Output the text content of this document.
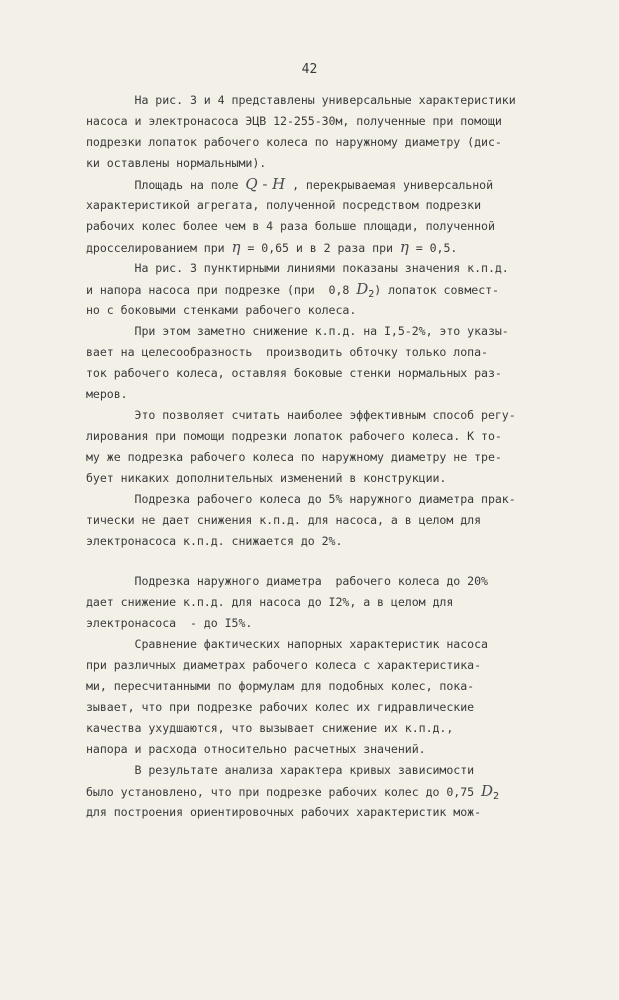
42
На рис. 3 и 4 представлены универсальные характеристики
насоса и электронасоса ЭЦВ 12-255-30м, полученные при помощи
подрезки лопаток рабочего колеса по наружному диаметру (дис-
ки оставлены нормальными).
Площадь на поле Q - H , перекрываемая универсальной
характеристикой агрегата, полученной посредством подрезки
рабочих колес более чем в 4 раза больше площади, полученной
дросселированием при η = 0,65 и в 2 раза при η = 0,5.
На рис. 3 пунктирными линиями показаны значения к.п.д.
и напора насоса при подрезке (при  0,8 D2) лопаток совмест-
но с боковыми стенками рабочего колеса.
При этом заметно снижение к.п.д. на I,5-2%, это указы-
вает на целесообразность  производить обточку только лопа-
ток рабочего колеса, оставляя боковые стенки нормальных раз-
меров.
Это позволяет считать наиболее эффективным способ регу-
лирования при помощи подрезки лопаток рабочего колеса. К то-
му же подрезка рабочего колеса по наружному диаметру не тре-
бует никаких дополнительных изменений в конструкции.
Подрезка рабочего колеса до 5% наружного диаметра прак-
тически не дает снижения к.п.д. для насоса, а в целом для
электронасоса к.п.д. снижается до 2%.
Подрезка наружного диаметра  рабочего колеса до 20%
дает снижение к.п.д. для насоса до I2%, а в целом для
электронасоса  - до I5%.
Сравнение фактических напорных характеристик насоса
при различных диаметрах рабочего колеса с характеристика-
ми, пересчитанными по формулам для подобных колес, пока-
зывает, что при подрезке рабочих колес их гидравлические
качества ухудшаются, что вызывает снижение их к.п.д.,
напора и расхода относительно расчетных значений.
В результате анализа характера кривых зависимости
было установлено, что при подрезке рабочих колес до 0,75 D2
для построения ориентировочных рабочих характеристик мож-
